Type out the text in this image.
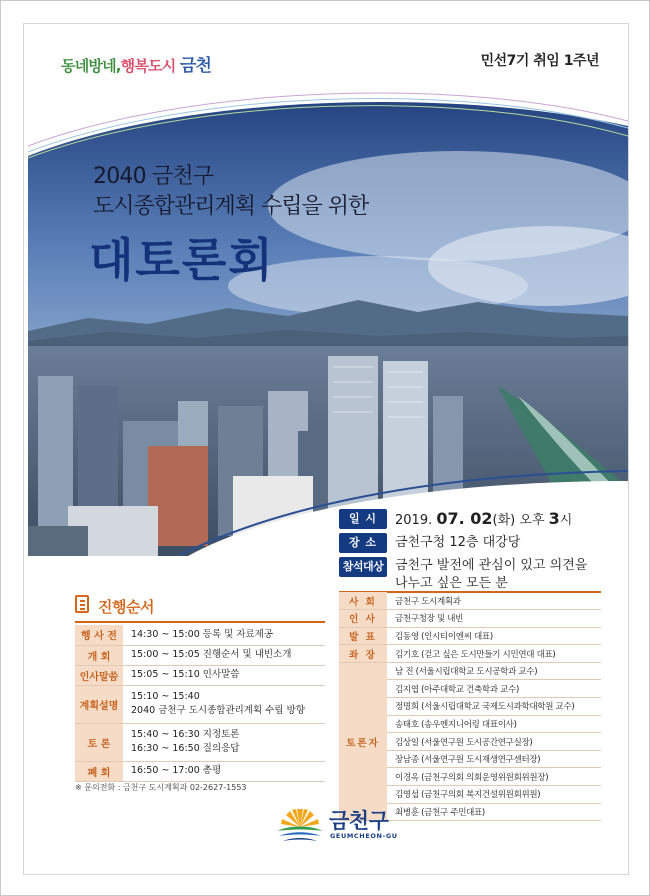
동네방네,행복도시 금천	민선7기 취임 1주년
2040 금천구
도시종합관리계획 수립을 위한
대토론회
일 시 2019. 07. 02(화) 오후 3시
장 소 금천구청 12층 대강당
참석대상 금천구 발전에 관심이 있고 의견을 나누고 싶은 모든 분
진행순서
행 사 전	14:30 ~ 15:00 등록 및 자료제공

개 회	15:00 ~ 15:05 진행순서 및 내빈소개

인사말씀	15:05 ~ 15:10 인사말씀

계획설명	15:10 ~ 15:40
2040 금천구 도시종합관리계획 수립 방향

토 론	15:40 ~ 16:30 지정토론
16:30 ~ 16:50 질의응답

폐 회	16:50 ~ 17:00 총평
※ 문의전화 : 금천구 도시계획과 02-2627-1553
사 회	금천구 도시계획과
인 사	금천구청장 및 내빈
발 표	김동영 (인시티이엔씨 대표)
좌 장	김기호 (걷고 싶은 도시만들기 시민연대 대표)
토론자	남 진 (서울시립대학교 도시공학과 교수)
	김지엽 (아주대학교 건축학과 교수)
	정명희 (서울시립대학교 국제도시과학대학원 교수)
	송태호 (송우엔지니어링 대표이사)
	김상일 (서울연구원 도시공간연구실장)
	장남종 (서울연구원 도시재생연구센터장)
	이경옥 (금천구의회 의회운영위원회위원장)
	김영섭 (금천구의회 복지건설위원회위원)
	최병훈 (금천구 주민대표)
금천구
GEUMCHEON-GU
